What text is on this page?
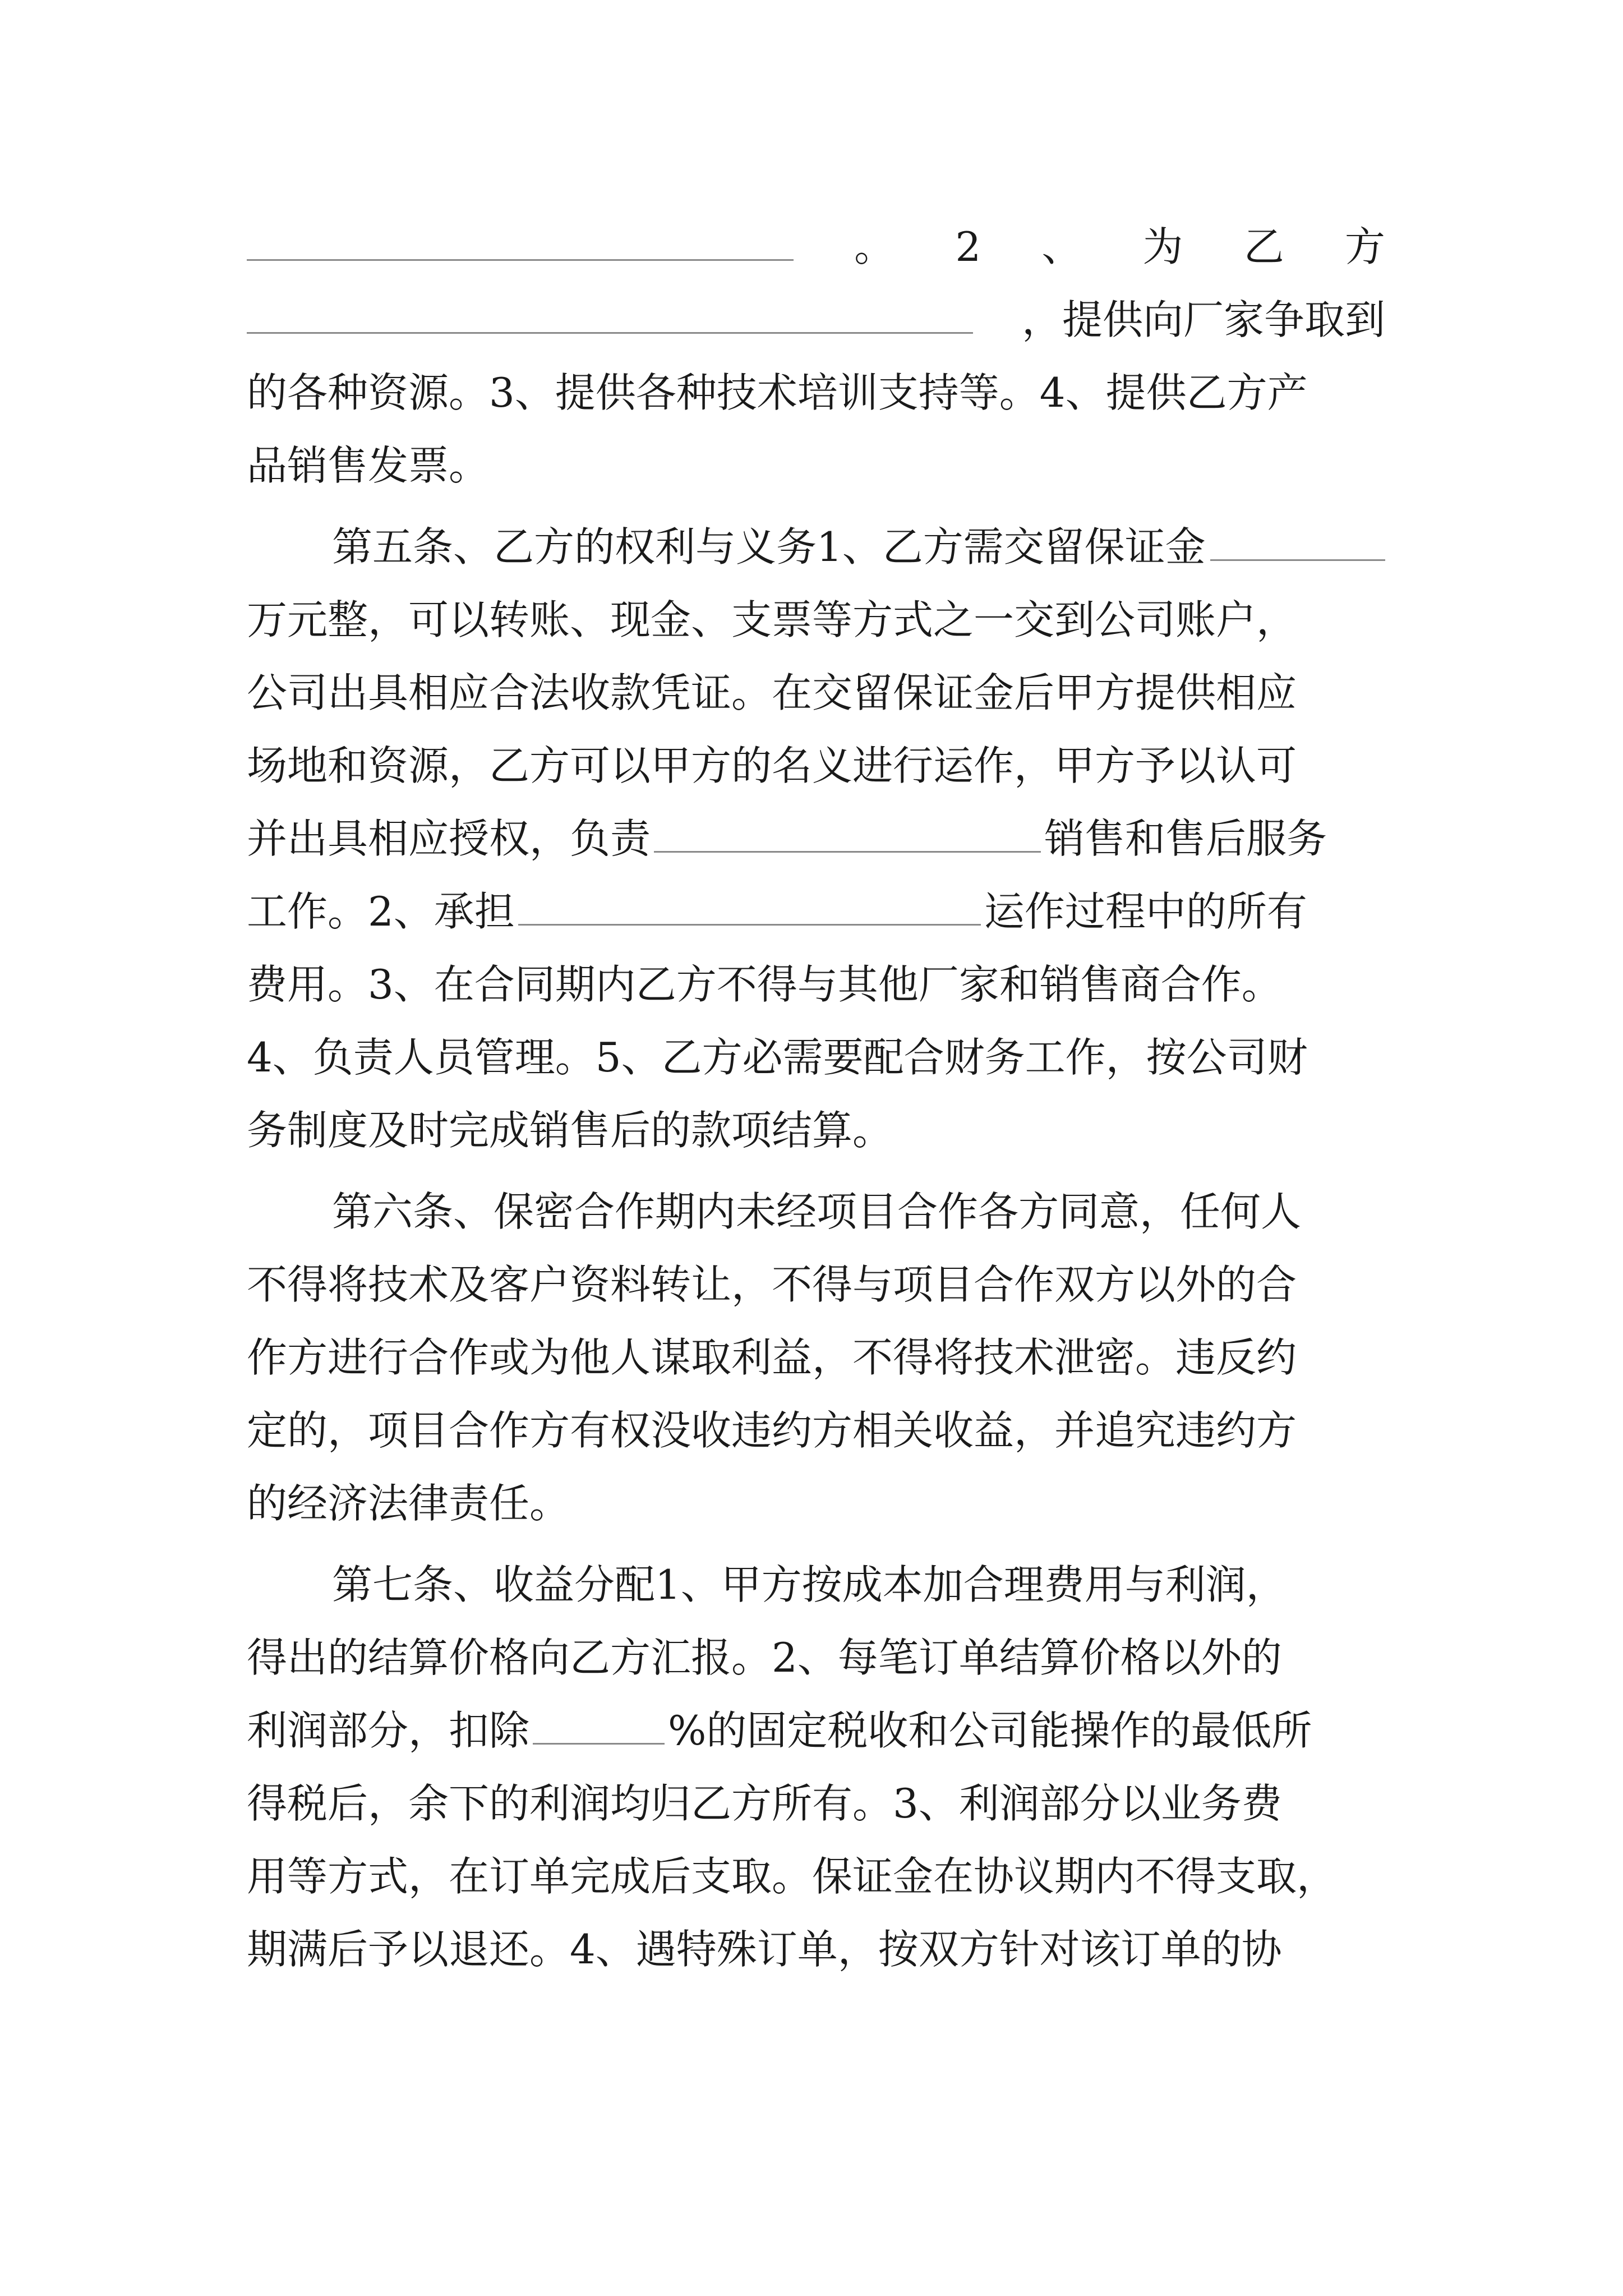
。 2 、 为 乙 方
，提供向厂家争取到
的各种资源。3、提供各种技术培训支持等。4、提供乙方产
品销售发票。
第五条、乙方的权利与义务1、乙方需交留保证金
万元整，可以转账、现金、支票等方式之一交到公司账户，
公司出具相应合法收款凭证。在交留保证金后甲方提供相应
场地和资源，乙方可以甲方的名义进行运作，甲方予以认可
并出具相应授权，负责	销售和售后服务
工作。2、承担	运作过程中的所有
费用。3、在合同期内乙方不得与其他厂家和销售商合作。
4、负责人员管理。5、乙方必需要配合财务工作，按公司财
务制度及时完成销售后的款项结算。
第六条、保密合作期内未经项目合作各方同意，任何人
不得将技术及客户资料转让，不得与项目合作双方以外的合
作方进行合作或为他人谋取利益，不得将技术泄密。违反约
定的，项目合作方有权没收违约方相关收益，并追究违约方
的经济法律责任。
第七条、收益分配1、甲方按成本加合理费用与利润，
得出的结算价格向乙方汇报。2、每笔订单结算价格以外的
利润部分，扣除	%的固定税收和公司能操作的最低所
得税后，余下的利润均归乙方所有。3、利润部分以业务费
用等方式，在订单完成后支取。保证金在协议期内不得支取，
期满后予以退还。4、遇特殊订单，按双方针对该订单的协
